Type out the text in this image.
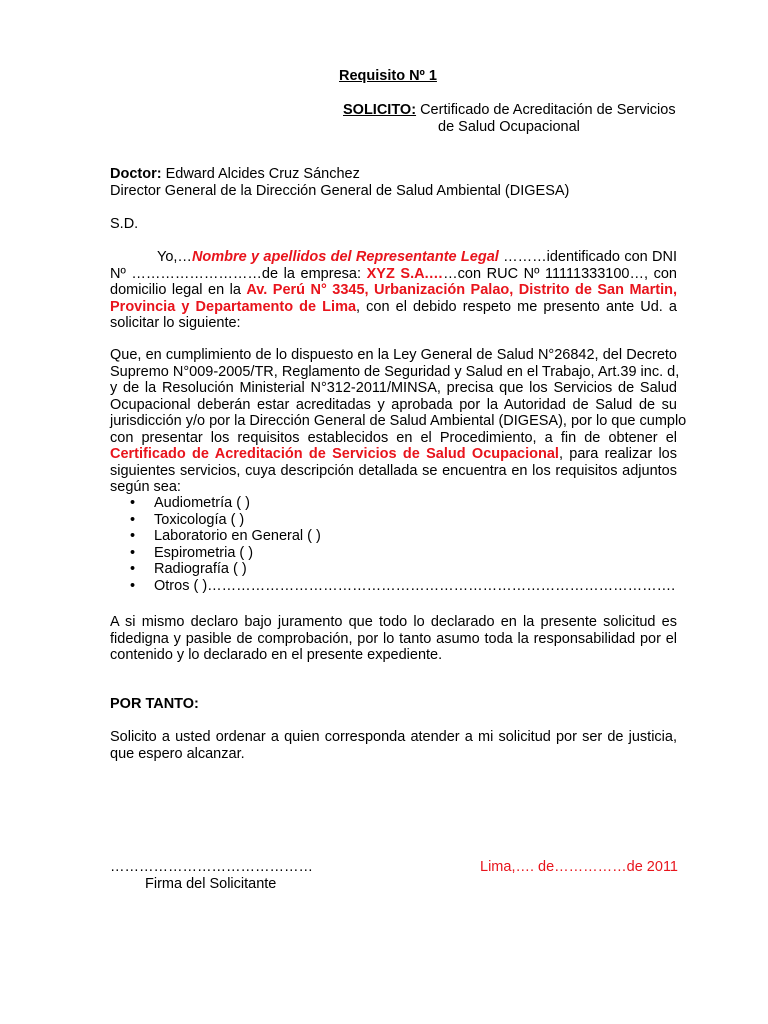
Requisito Nº 1
SOLICITO: Certificado de Acreditación de Servicios
de Salud Ocupacional
Doctor: Edward Alcides Cruz Sánchez
Director General de la Dirección General de Salud Ambiental (DIGESA)
S.D.
Yo,…Nombre y apellidos del Representante Legal ………identificado con DNI
Nº ………………………de la empresa: XYZ S.A.……con RUC Nº 11111333100…, con
domicilio legal en la Av. Perú N° 3345, Urbanización Palao, Distrito de San Martin,
Provincia y Departamento de Lima, con el debido respeto me presento ante Ud. a
solicitar lo siguiente:
Que, en cumplimiento de lo dispuesto en la Ley General de Salud N°26842, del Decreto
Supremo N°009-2005/TR, Reglamento de Seguridad y Salud en el Trabajo, Art.39 inc. d,
y de la Resolución Ministerial N°312-2011/MINSA, precisa que los Servicios de Salud
Ocupacional deberán estar acreditadas y aprobada por la Autoridad de Salud de su
jurisdicción y/o por la Dirección General de Salud Ambiental (DIGESA), por lo que cumplo
con presentar los requisitos establecidos en el Procedimiento, a fin de obtener el
Certificado de Acreditación de Servicios de Salud Ocupacional, para realizar los
siguientes servicios, cuya descripción detallada se encuentra en los requisitos adjuntos
según sea:
• Audiometría ( )
• Toxicología ( )
• Laboratorio en General ( )
• Espirometria ( )
• Radiografía ( )
• Otros ( )…………………………………………………………………………………….
A si mismo declaro bajo juramento que todo lo declarado en la presente solicitud es
fidedigna y pasible de comprobación, por lo tanto asumo toda la responsabilidad por el
contenido y lo declarado en el presente expediente.
POR TANTO:
Solicito a usted ordenar a quien corresponda atender a mi solicitud por ser de justicia,
que espero alcanzar.
……………………………………
Firma del Solicitante
Lima,…. de……………de 2011
